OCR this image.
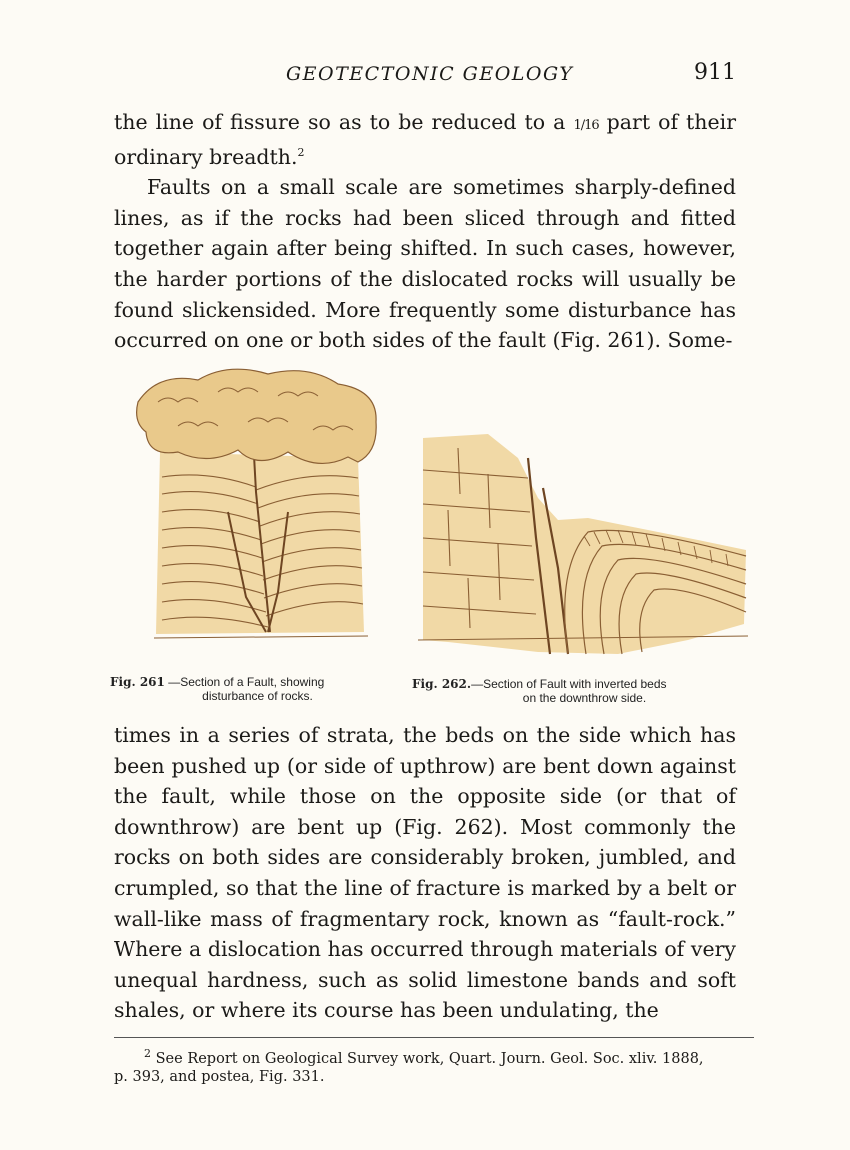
GEOTECTONIC GEOLOGY	911

the line of fissure so as to be reduced to a 1/16 part of their ordinary breadth.$^2$

Faults on a small scale are sometimes sharply-defined lines, as if the rocks had been sliced through and fitted together again after being shifted. In such cases, however, the harder portions of the dislocated rocks will usually be found slickensided. More frequently some disturbance has occurred on one or both sides of the fault (Fig. 261). Some-

Fig. 261 —Section of a Fault, showing
disturbance of rocks.
Fig. 262.—Section of Fault with inverted beds
on the downthrow side.

times in a series of strata, the beds on the side which has been pushed up (or side of upthrow) are bent down against the fault, while those on the opposite side (or that of downthrow) are bent up (Fig. 262). Most commonly the rocks on both sides are considerably broken, jumbled, and crumpled, so that the line of fracture is marked by a belt or wall-like mass of fragmentary rock, known as “fault-rock.” Where a dislocation has occurred through materials of very unequal hardness, such as solid limestone bands and soft shales, or where its course has been undulating, the

$^2$ See Report on Geological Survey work, Quart. Journ. Geol. Soc. xliv. 1888,
p. 393, and postea, Fig. 331.
